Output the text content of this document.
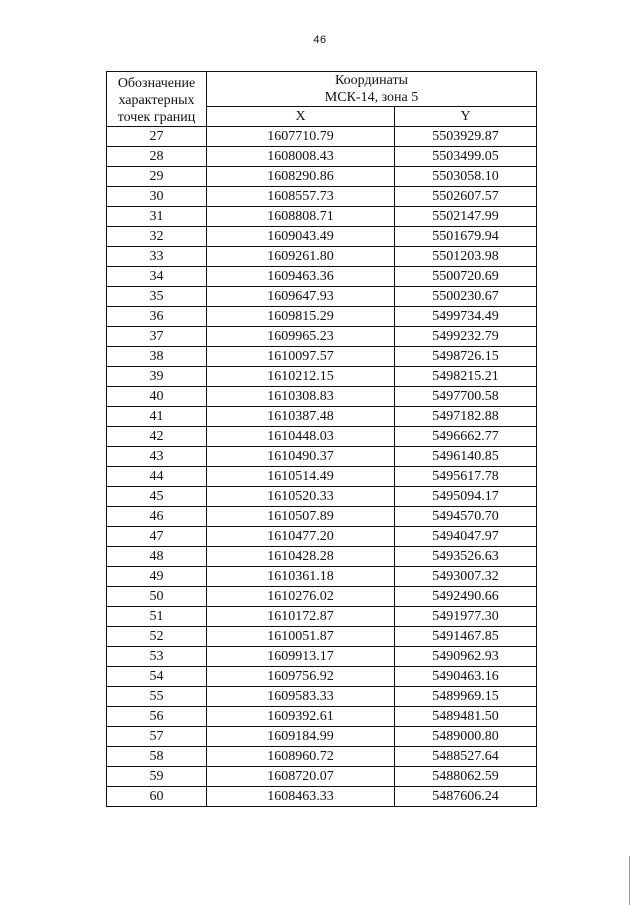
46
Обозначение характерных точек границ	Координаты
МСК-14, зона 5	

	X	Y
27	1607710.79	5503929.87
28	1608008.43	5503499.05
29	1608290.86	5503058.10
30	1608557.73	5502607.57
31	1608808.71	5502147.99
32	1609043.49	5501679.94
33	1609261.80	5501203.98
34	1609463.36	5500720.69
35	1609647.93	5500230.67
36	1609815.29	5499734.49
37	1609965.23	5499232.79
38	1610097.57	5498726.15
39	1610212.15	5498215.21
40	1610308.83	5497700.58
41	1610387.48	5497182.88
42	1610448.03	5496662.77
43	1610490.37	5496140.85
44	1610514.49	5495617.78
45	1610520.33	5495094.17
46	1610507.89	5494570.70
47	1610477.20	5494047.97
48	1610428.28	5493526.63
49	1610361.18	5493007.32
50	1610276.02	5492490.66
51	1610172.87	5491977.30
52	1610051.87	5491467.85
53	1609913.17	5490962.93
54	1609756.92	5490463.16
55	1609583.33	5489969.15
56	1609392.61	5489481.50
57	1609184.99	5489000.80
58	1608960.72	5488527.64
59	1608720.07	5488062.59
60	1608463.33	5487606.24
